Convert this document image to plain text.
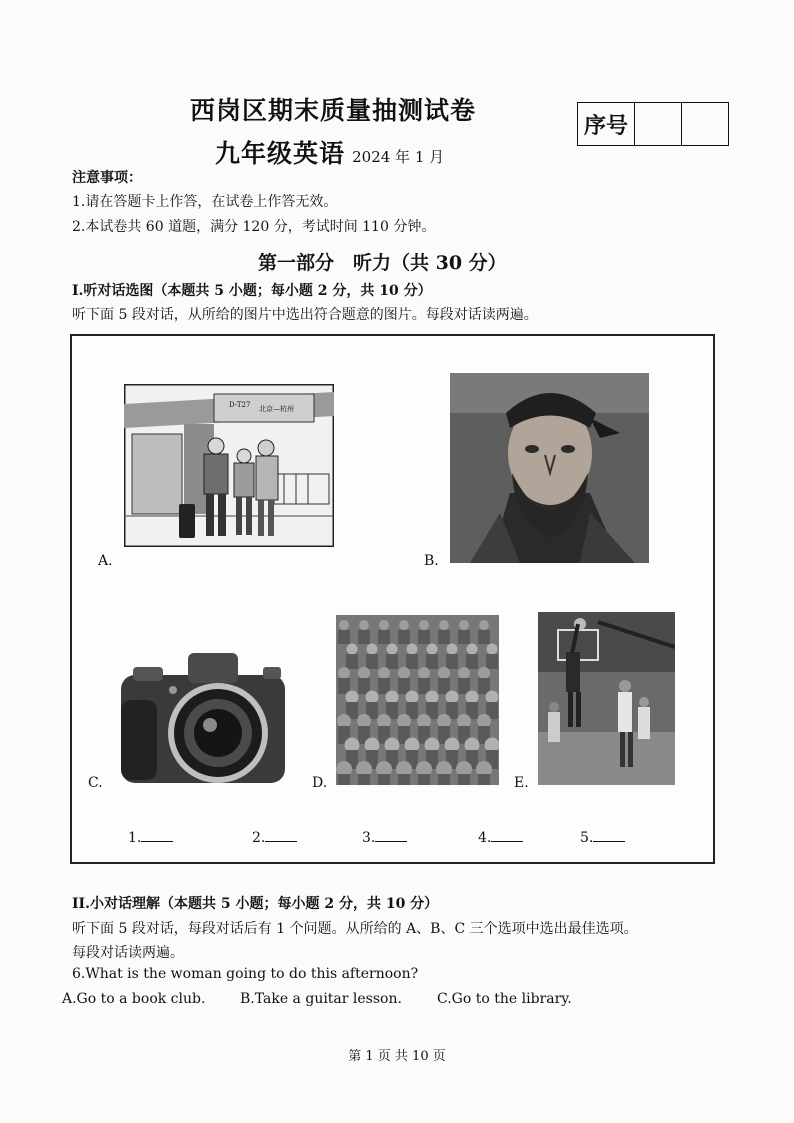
西岗区期末质量抽测试卷
九年级英语 2024 年 1 月
序号
注意事项：
1.请在答题卡上作答，在试卷上作答无效。
2.本试卷共 60 道题，满分 120 分，考试时间 110 分钟。
第一部分　听力（共 30 分）
I.听对话选图（本题共 5 小题；每小题 2 分，共 10 分）
听下面 5 段对话，从所给的图片中选出符合题意的图片。每段对话读两遍。
D-T27 北京—杭州
A.	B.
C.	D.	E.
1.	2.	3.	4.	5.
II.小对话理解（本题共 5 小题；每小题 2 分，共 10 分）
听下面 5 段对话，每段对话后有 1 个问题。从所给的 A、B、C 三个选项中选出最佳选项。
每段对话读两遍。
6.What is the woman going to do this afternoon?
A.Go to a book club. B.Take a guitar lesson.	C.Go to the library.
第 1 页 共 10 页
